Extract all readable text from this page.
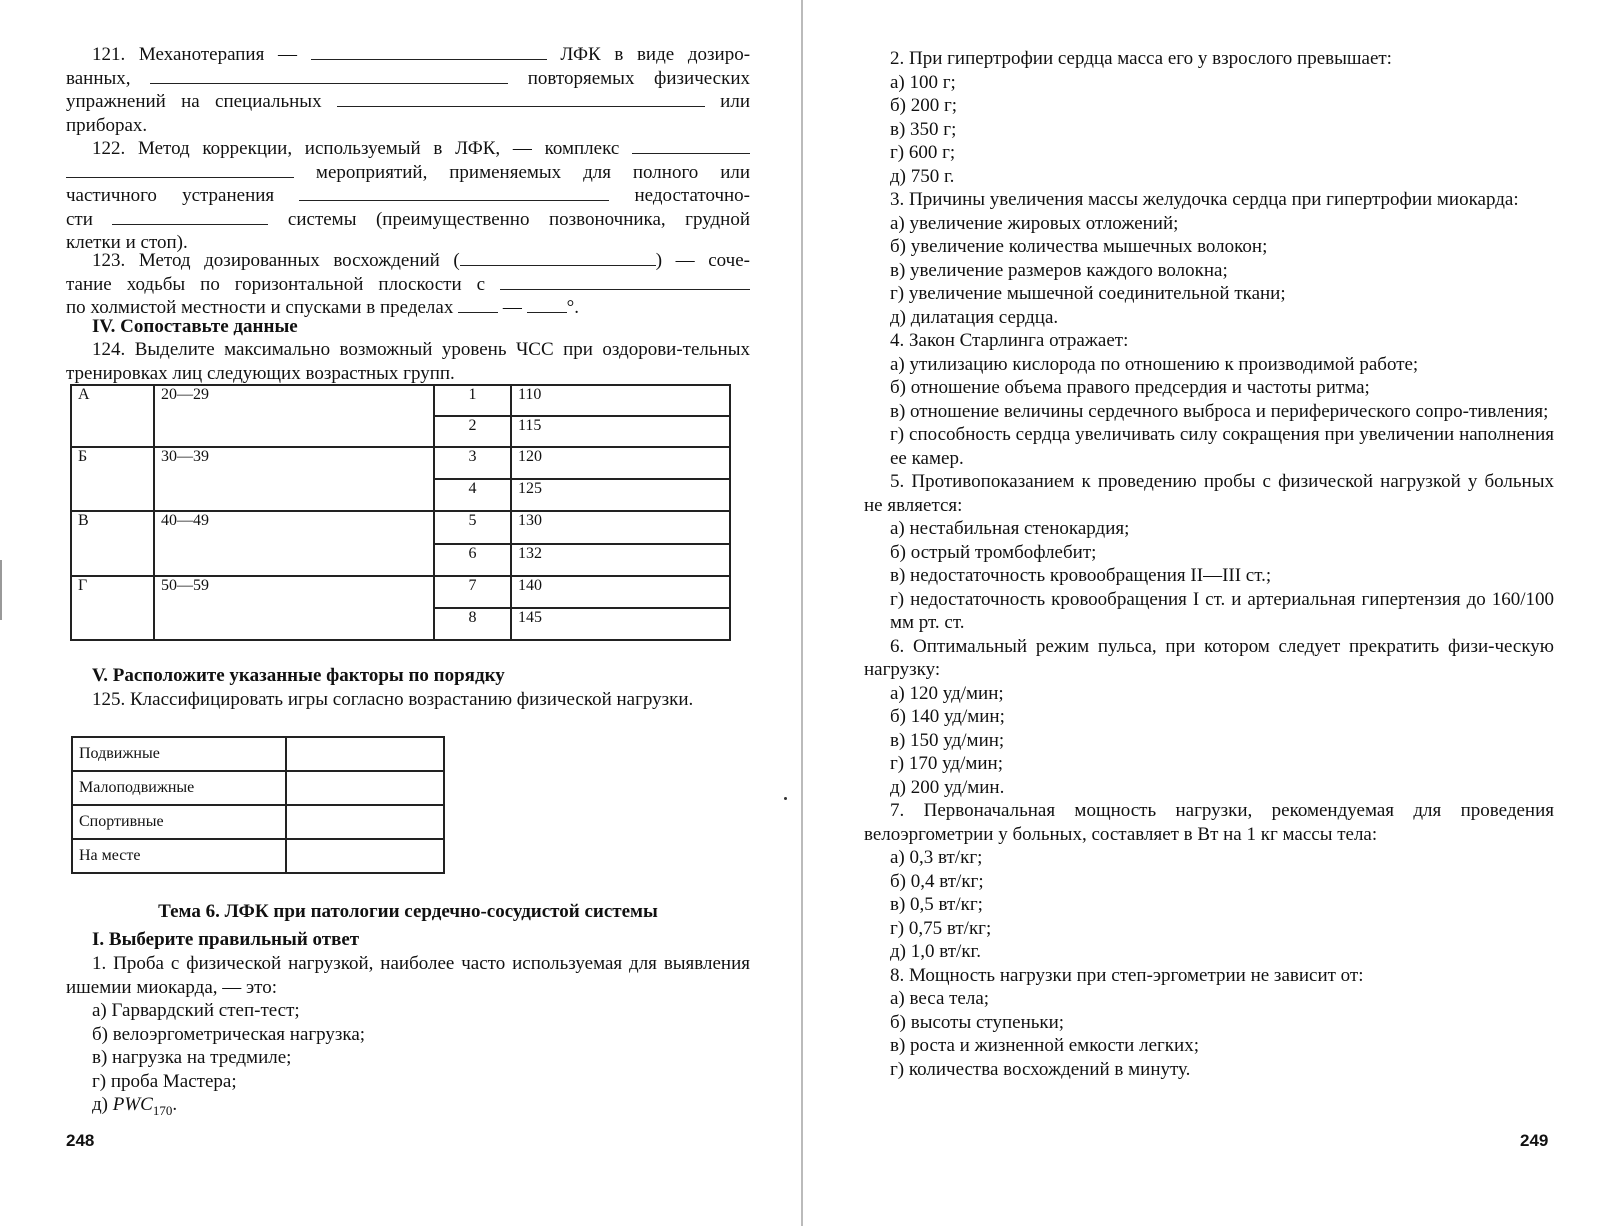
121. Механотерапия —	ЛФК в виде дозиро-
ванных,	повторяемых физических
упражнений на специальных	или
приборах.
122. Метод коррекции, используемый в ЛФК, — комплекс
мероприятий, применяемых для полного или
частичного устранения	недостаточно-
сти	системы (преимущественно позвоночника, грудной
клетки и стоп).
123. Метод дозированных восхождений (	) — соче-
тание ходьбы по горизонтальной плоскости с
по холмистой местности и спусками в пределах	— °.
IV. Сопоставьте данные
124. Выделите максимально возможный уровень ЧСС при оздорови-тельных тренировках лиц следующих возрастных групп.
А	20—29	1	110
		2	115
Б	30—39	3	120
		4	125
В	40—49	5	130
		6	132
Г	50—59	7	140
		8	145
V. Расположите указанные факторы по порядку
125. Классифицировать игры согласно возрастанию физической нагрузки.
Подвижные	
Малоподвижные	
Спортивные	
На месте	
Тема 6. ЛФК при патологии сердечно-сосудистой системы
I. Выберите правильный ответ
1. Проба с физической нагрузкой, наиболее часто используемая для выявления ишемии миокарда, — это:
а) Гарвардский степ-тест;
б) велоэргометрическая нагрузка;
в) нагрузка на тредмиле;
г) проба Мастера;
д) $PWC_{170}$.
248
2. При гипертрофии сердца масса его у взрослого превышает:
а) 100 г;
б) 200 г;
в) 350 г;
г) 600 г;
д) 750 г.
3. Причины увеличения массы желудочка сердца при гипертрофии миокарда:
а) увеличение жировых отложений;
б) увеличение количества мышечных волокон;
в) увеличение размеров каждого волокна;
г) увеличение мышечной соединительной ткани;
д) дилатация сердца.
4. Закон Старлинга отражает:
а) утилизацию кислорода по отношению к производимой работе;
б) отношение объема правого предсердия и частоты ритма;
в) отношение величины сердечного выброса и периферического сопро-тивления;
г) способность сердца увеличивать силу сокращения при увеличении наполнения ее камер.
5. Противопоказанием к проведению пробы с физической нагрузкой у больных не является:
а) нестабильная стенокардия;
б) острый тромбофлебит;
в) недостаточность кровообращения II—III ст.;
г) недостаточность кровообращения I ст. и артериальная гипертензия до 160/100 мм рт. ст.
6. Оптимальный режим пульса, при котором следует прекратить физи-ческую нагрузку:
а) 120 уд/мин;
б) 140 уд/мин;
в) 150 уд/мин;
г) 170 уд/мин;
д) 200 уд/мин.
7. Первоначальная мощность нагрузки, рекомендуемая для проведения велоэргометрии у больных, составляет в Вт на 1 кг массы тела:
а) 0,3 вт/кг;
б) 0,4 вт/кг;
в) 0,5 вт/кг;
г) 0,75 вт/кг;
д) 1,0 вт/кг.
8. Мощность нагрузки при степ-эргометрии не зависит от:
а) веса тела;
б) высоты ступеньки;
в) роста и жизненной емкости легких;
г) количества восхождений в минуту.
249
